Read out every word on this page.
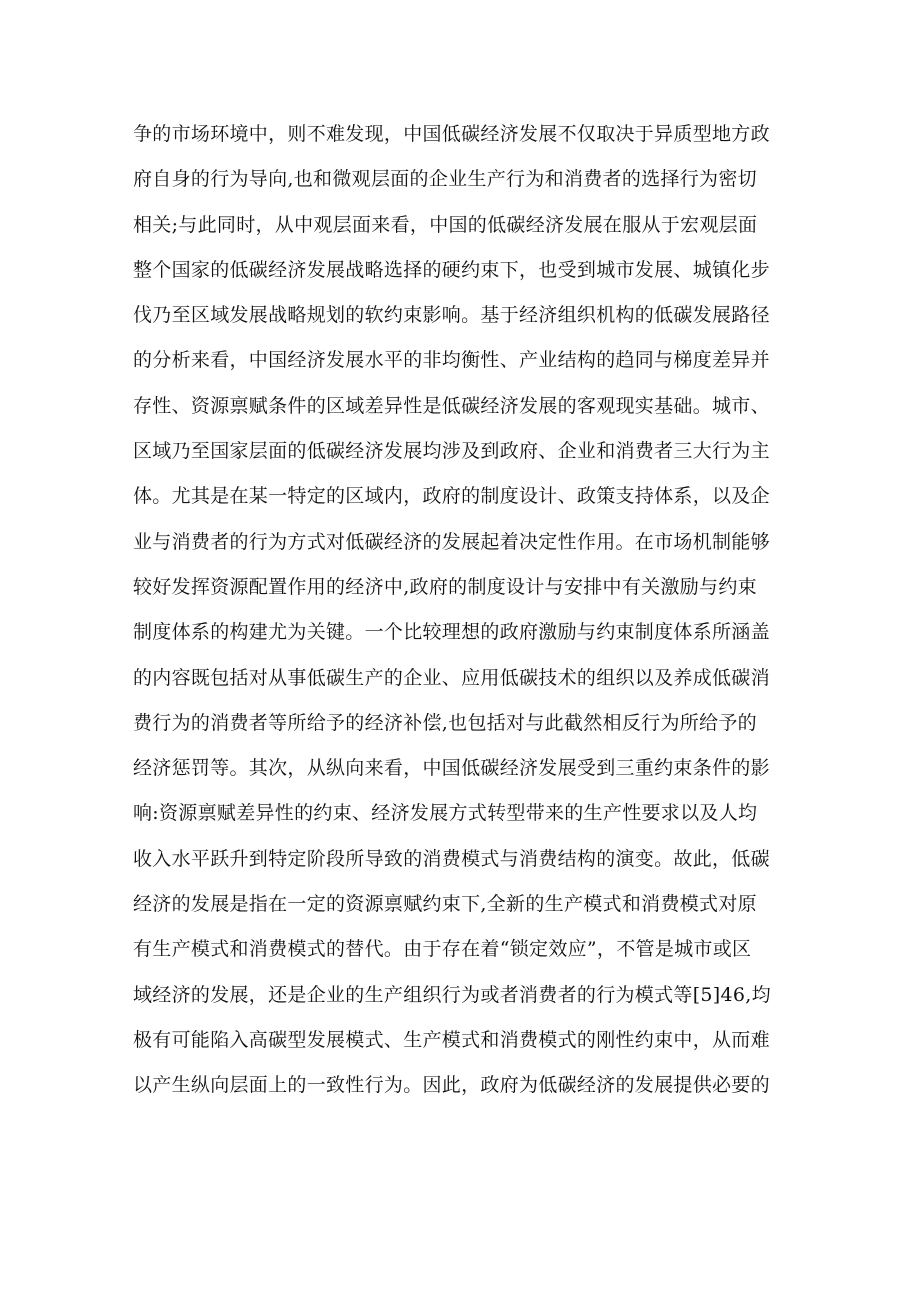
争的市场环境中，则不难发现，中国低碳经济发展不仅取决于异质型地方政
府自身的行为导向,也和微观层面的企业生产行为和消费者的选择行为密切
相关;与此同时，从中观层面来看，中国的低碳经济发展在服从于宏观层面
整个国家的低碳经济发展战略选择的硬约束下，也受到城市发展、城镇化步
伐乃至区域发展战略规划的软约束影响。基于经济组织机构的低碳发展路径
的分析来看，中国经济发展水平的非均衡性、产业结构的趋同与梯度差异并
存性、资源禀赋条件的区域差异性是低碳经济发展的客观现实基础。城市、
区域乃至国家层面的低碳经济发展均涉及到政府、企业和消费者三大行为主
体。尤其是在某一特定的区域内，政府的制度设计、政策支持体系，以及企
业与消费者的行为方式对低碳经济的发展起着决定性作用。在市场机制能够
较好发挥资源配置作用的经济中,政府的制度设计与安排中有关激励与约束
制度体系的构建尤为关键。一个比较理想的政府激励与约束制度体系所涵盖
的内容既包括对从事低碳生产的企业、应用低碳技术的组织以及养成低碳消
费行为的消费者等所给予的经济补偿,也包括对与此截然相反行为所给予的
经济惩罚等。其次，从纵向来看，中国低碳经济发展受到三重约束条件的影
响:资源禀赋差异性的约束、经济发展方式转型带来的生产性要求以及人均
收入水平跃升到特定阶段所导致的消费模式与消费结构的演变。故此，低碳
经济的发展是指在一定的资源禀赋约束下,全新的生产模式和消费模式对原
有生产模式和消费模式的替代。由于存在着“锁定效应”，不管是城市或区
域经济的发展，还是企业的生产组织行为或者消费者的行为模式等[5]46,均
极有可能陷入高碳型发展模式、生产模式和消费模式的刚性约束中，从而难
以产生纵向层面上的一致性行为。因此，政府为低碳经济的发展提供必要的
